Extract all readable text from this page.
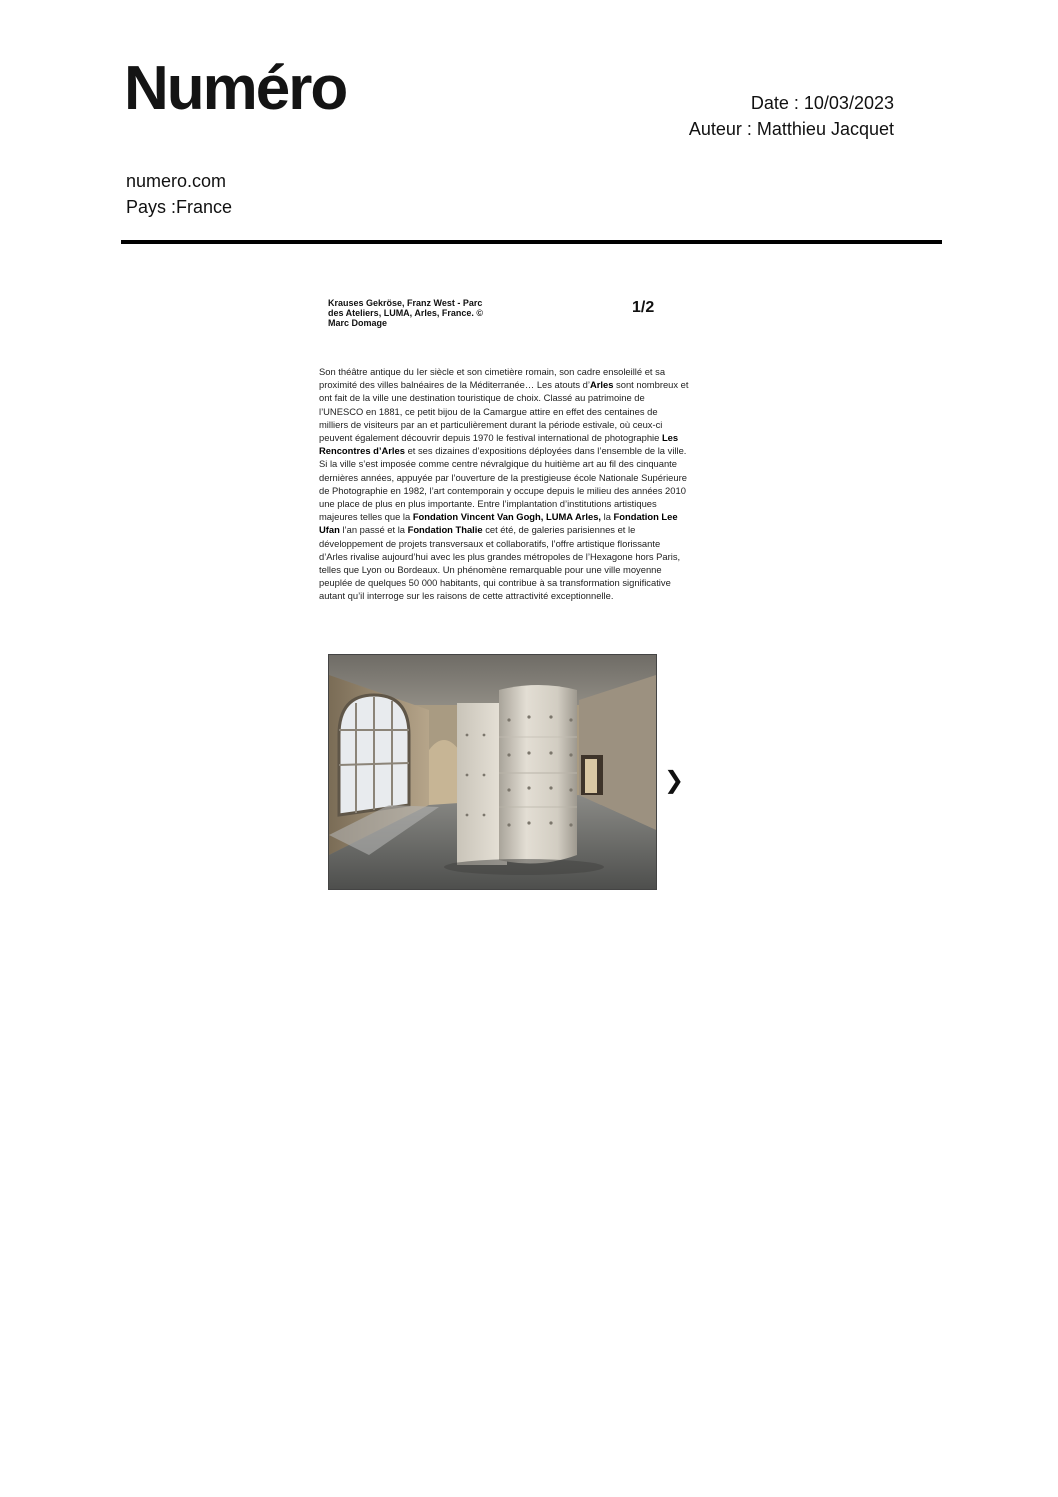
Numéro	Date : 10/03/2023
Auteur : Matthieu Jacquet
numero.com
Pays :France
Krauses Gekröse, Franz West - Parc des Ateliers, LUMA, Arles, France. © Marc Domage
1/2
Son théâtre antique du Ier siècle et son cimetière romain, son cadre ensoleillé et sa proximité des villes balnéaires de la Méditerranée… Les atouts d’Arles sont nombreux et ont fait de la ville une destination touristique de choix. Classé au patrimoine de l’UNESCO en 1881, ce petit bijou de la Camargue attire en effet des centaines de milliers de visiteurs par an et particulièrement durant la période estivale, où ceux-ci peuvent également découvrir depuis 1970 le festival international de photographie Les Rencontres d’Arles et ses dizaines d’expositions déployées dans l’ensemble de la ville. Si la ville s’est imposée comme centre névralgique du huitième art au fil des cinquante dernières années, appuyée par l’ouverture de la prestigieuse école Nationale Supérieure de Photographie en 1982, l’art contemporain y occupe depuis le milieu des années 2010 une place de plus en plus importante. Entre l’implantation d’institutions artistiques majeures telles que la Fondation Vincent Van Gogh, LUMA Arles, la Fondation Lee Ufan l’an passé et la Fondation Thalie cet été, de galeries parisiennes et le développement de projets transversaux et collaboratifs, l’offre artistique florissante d’Arles rivalise aujourd’hui avec les plus grandes métropoles de l’Hexagone hors Paris, telles que Lyon ou Bordeaux. Un phénomène remarquable pour une ville moyenne peuplée de quelques 50 000 habitants, qui contribue à sa transformation significative autant qu’il interroge sur les raisons de cette attractivité exceptionnelle.
❯
